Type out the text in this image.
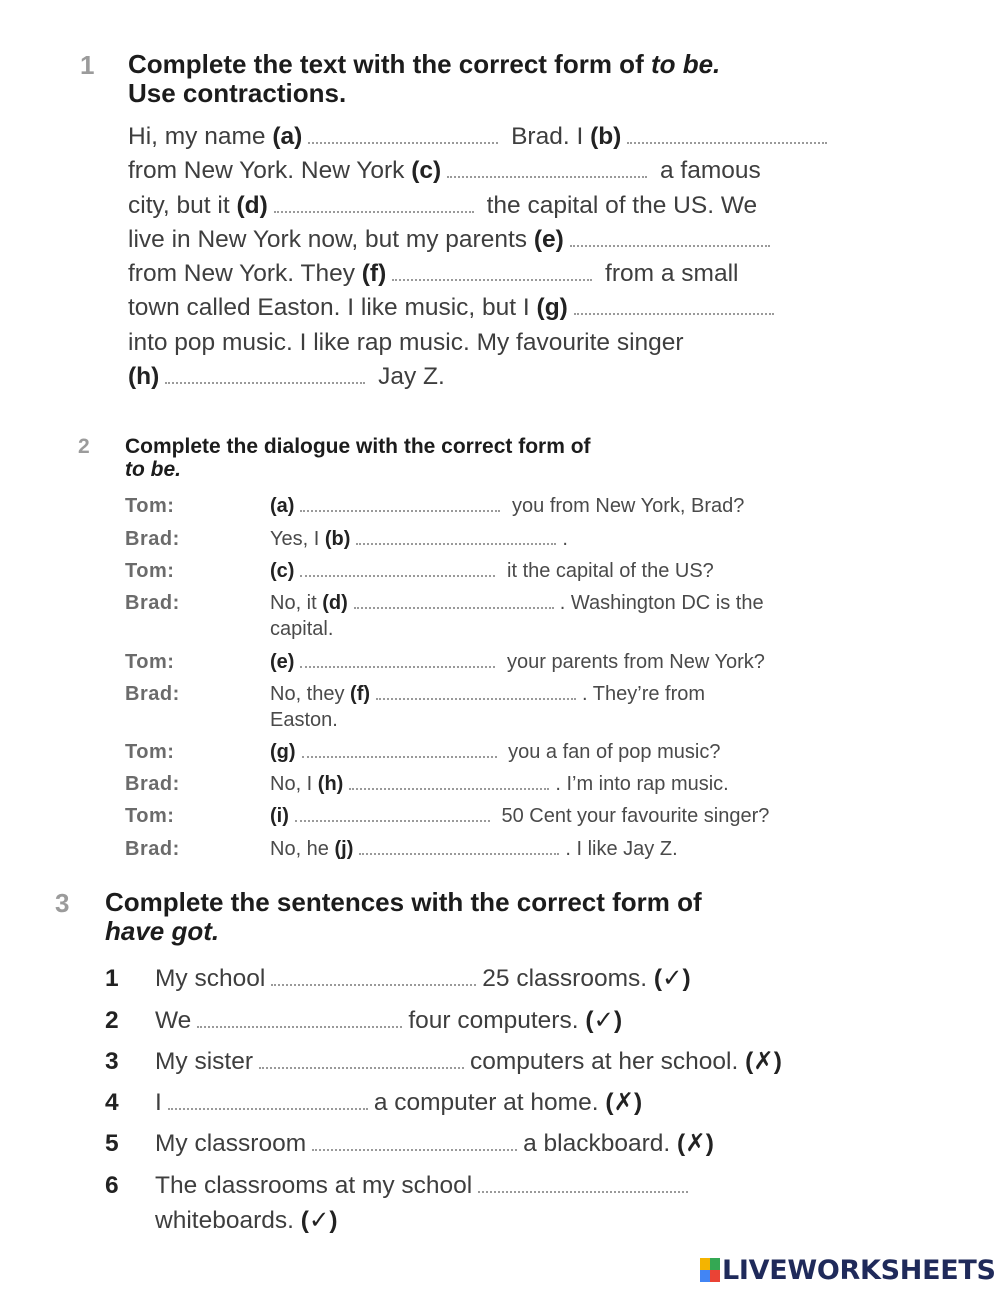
1 Complete the text with the correct form of to be.
Use contractions.
Hi, my name (a)	Brad. I (b)
from New York. New York (c)	a famous
city, but it (d)	the capital of the US. We
live in New York now, but my parents (e)
from New York. They (f)	from a small
town called Easton. I like music, but I (g)
into pop music. I like rap music. My favourite singer
(h)	Jay Z.
2 Complete the dialogue with the correct form of
to be.
Tom:	(a)	you from New York, Brad?

Brad:	Yes, I (b)	.

Tom:	(c)	it the capital of the US?

Brad:	No, it (d)	. Washington DC is the
capital.
Tom:	(e)	your parents from New York?

Brad:	No, they (f)	. They’re from
Easton.
Tom:	(g)	you a fan of pop music?

Brad:	No, I (h)	. I’m into rap music.

Tom:	(i)	50 Cent your favourite singer?

Brad:	No, he (j)	. I like Jay Z.

3 Complete the sentences with the correct form of
have got.
1 My school	25 classrooms. (✓)
2 We	four computers. (✓)
3 My sister	computers at her school. (✗)
4 I	a computer at home. (✗)
5 My classroom	a blackboard. (✗)
6 The classrooms at my school
whiteboards. (✓)
LIVEWORKSHEETS
